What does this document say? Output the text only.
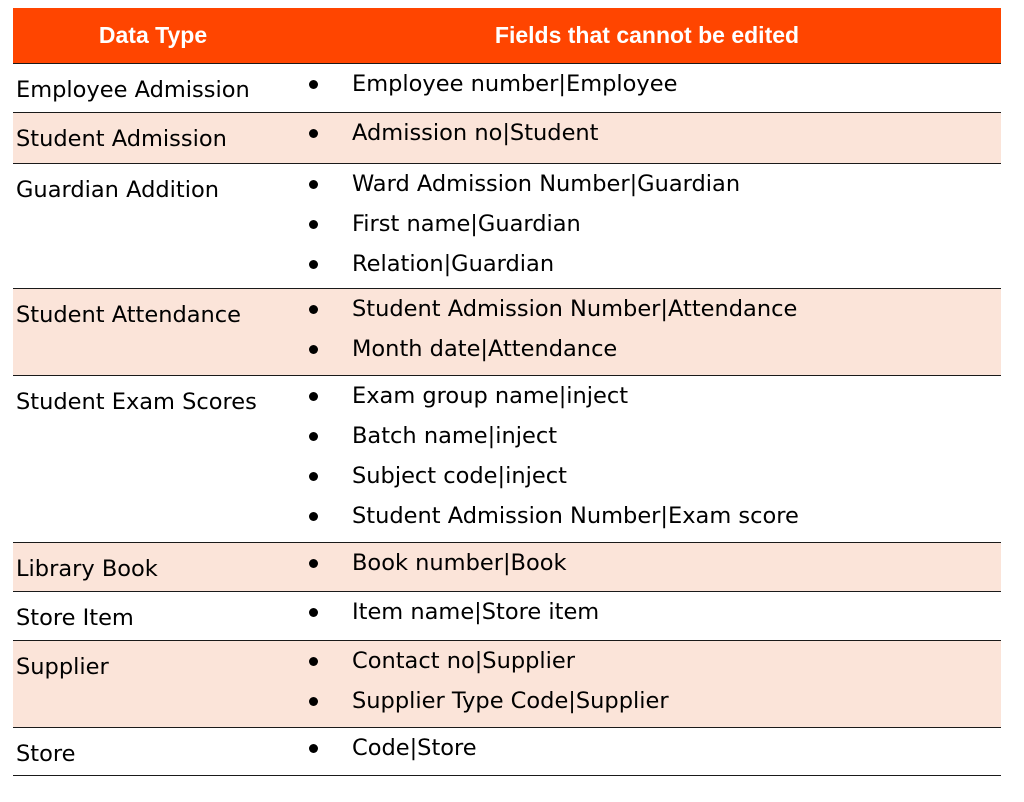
Data Type	Fields that cannot be edited
Employee Admission	Employee number|Employee
Student Admission	Admission no|Student
Guardian Addition	Ward Admission Number|Guardian
First name|Guardian
Relation|Guardian
Student Attendance	Student Admission Number|Attendance
Month date|Attendance
Student Exam Scores	Exam group name|inject
Batch name|inject
Subject code|inject
Student Admission Number|Exam score
Library Book	Book number|Book
Store Item	Item name|Store item
Supplier	Contact no|Supplier
Supplier Type Code|Supplier
Store	Code|Store
